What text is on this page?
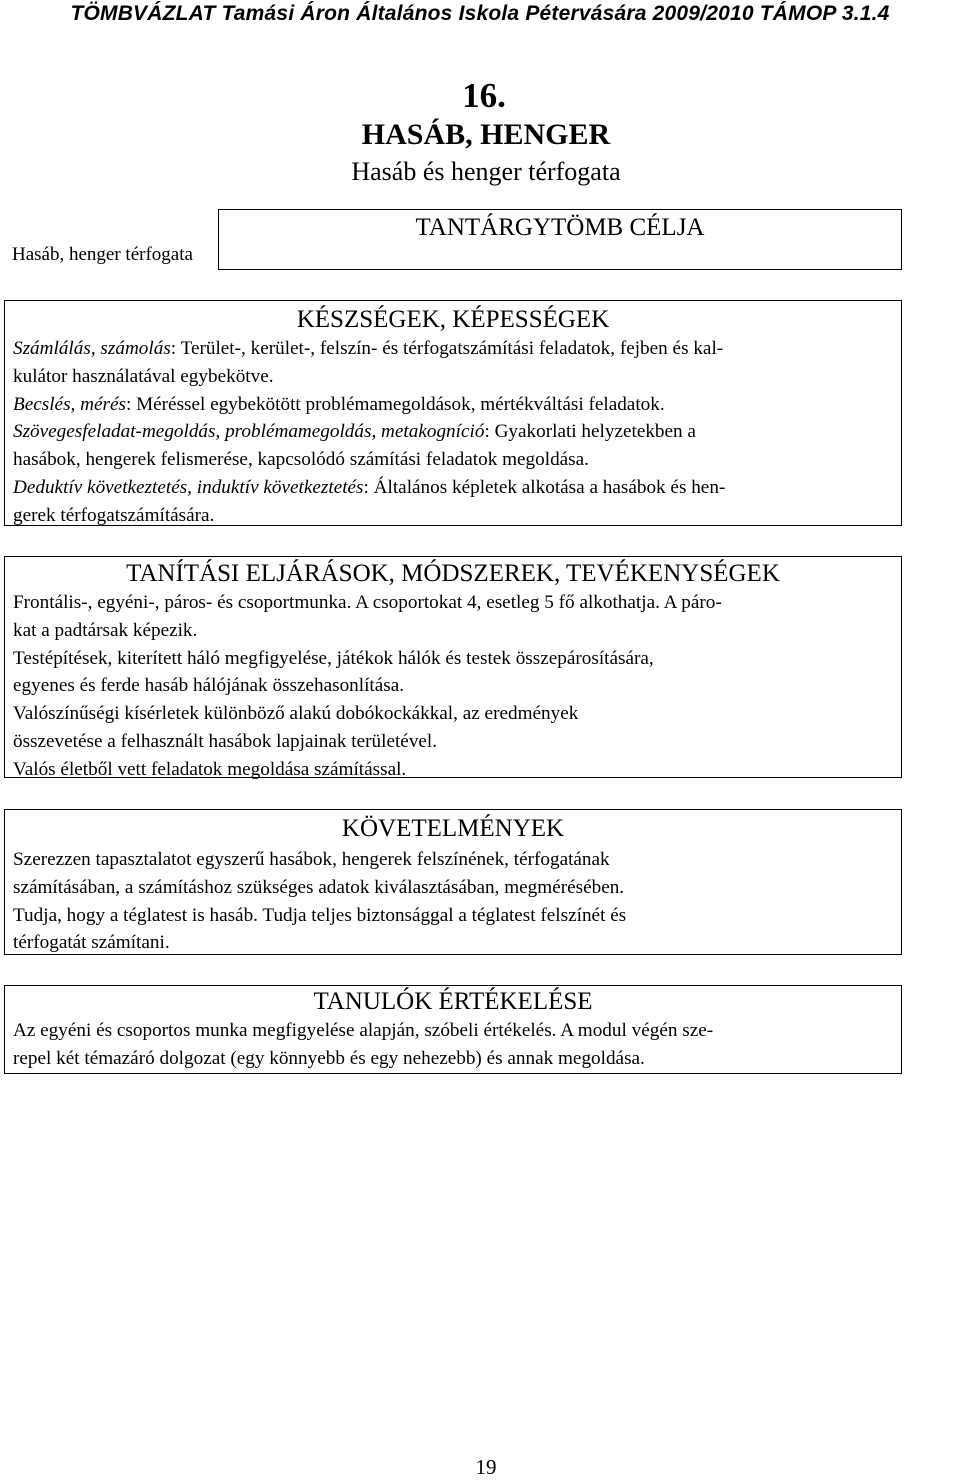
TÖMBVÁZLAT Tamási Áron Általános Iskola Pétervására 2009/2010 TÁMOP 3.1.4
16.
HASÁB, HENGER
Hasáb és henger térfogata
Hasáb, henger térfogata
TANTÁRGYTÖMB CÉLJA
KÉSZSÉGEK, KÉPESSÉGEK
Számlálás, számolás: Terület-, kerület-, felszín- és térfogatszámítási feladatok, fejben és kal-
kulátor használatával egybekötve.
Becslés, mérés: Méréssel egybekötött problémamegoldások, mértékváltási feladatok.
Szövegesfeladat-megoldás, problémamegoldás, metakogníció: Gyakorlati helyzetekben a
hasábok, hengerek felismerése, kapcsolódó számítási feladatok megoldása.
Deduktív következtetés, induktív következtetés: Általános képletek alkotása a hasábok és hen-
gerek térfogatszámítására.
TANÍTÁSI ELJÁRÁSOK, MÓDSZEREK, TEVÉKENYSÉGEK
Frontális-, egyéni-, páros- és csoportmunka. A csoportokat 4, esetleg 5 fő alkothatja. A páro-
kat a padtársak képezik.
Testépítések, kiterített háló megfigyelése, játékok hálók és testek összepárosítására,
egyenes és ferde hasáb hálójának összehasonlítása.
Valószínűségi kísérletek különböző alakú dobókockákkal, az eredmények
összevetése a felhasznált hasábok lapjainak területével.
Valós életből vett feladatok megoldása számítással.
KÖVETELMÉNYEK
Szerezzen tapasztalatot egyszerű hasábok, hengerek felszínének, térfogatának
számításában, a számításhoz szükséges adatok kiválasztásában, megmérésében.
Tudja, hogy a téglatest is hasáb. Tudja teljes biztonsággal a téglatest felszínét és
térfogatát számítani.
TANULÓK ÉRTÉKELÉSE
Az egyéni és csoportos munka megfigyelése alapján, szóbeli értékelés. A modul végén sze-
repel két témazáró dolgozat (egy könnyebb és egy nehezebb) és annak megoldása.
19
